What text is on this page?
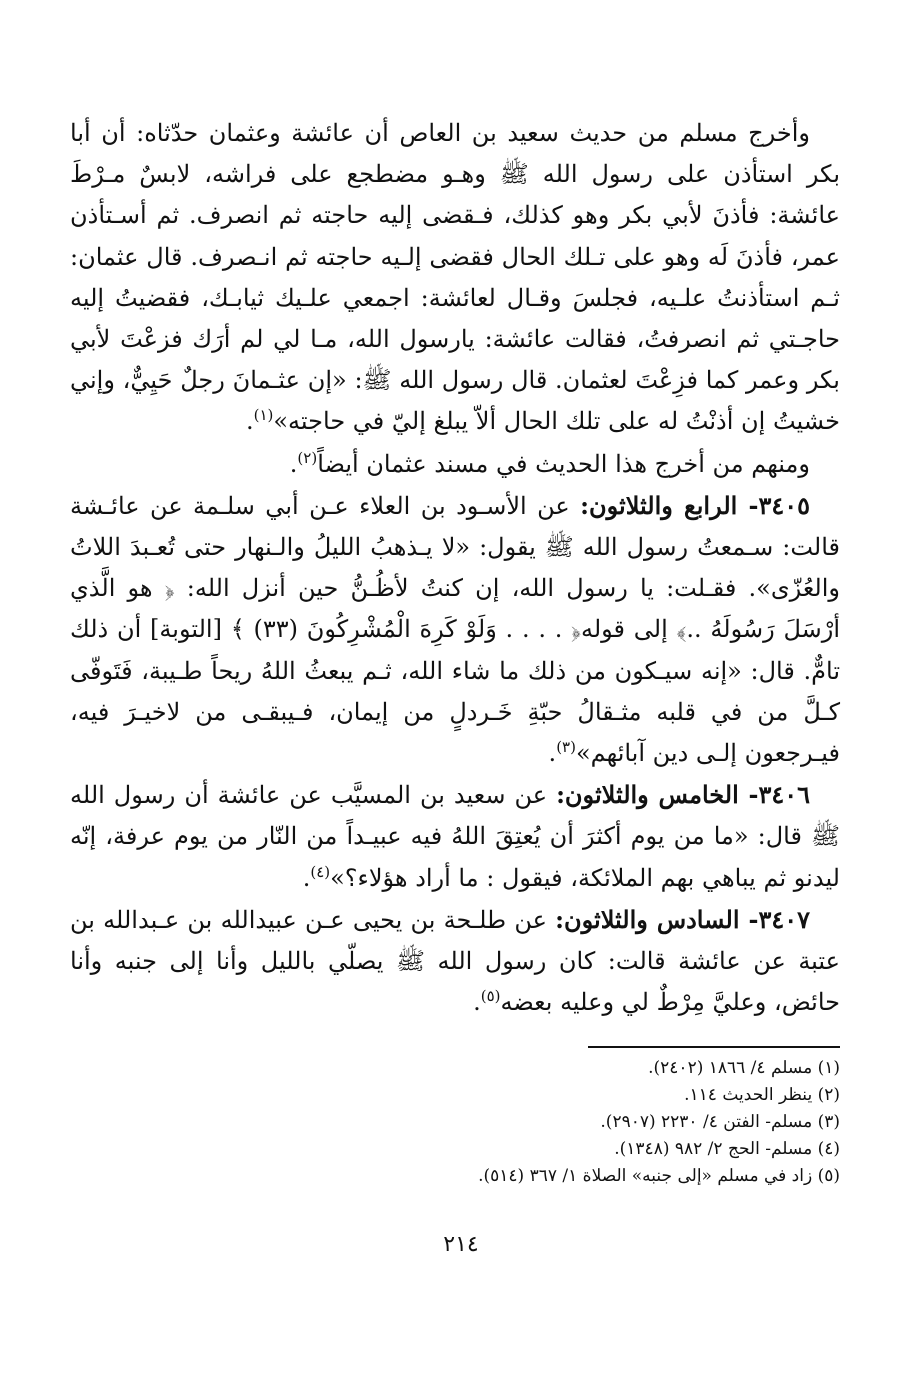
وأخرج مسلم من حديث سعيد بن العاص أن عائشة وعثمان حدّثاه: أن أبا بكر استأذن على رسول الله ﷺ وهـو مضطجع على فراشه، لابسٌ مـرْطَ عائشة: فأذنَ لأبي بكر وهو كذلك، فـقضى إليه حاجته ثم انصرف. ثم أسـتأذن عمر، فأذنَ لَه وهو على تـلك الحال فقضى إلـيه حاجته ثم انـصرف. قال عثمان: ثـم استأذنتُ علـيه، فجلسَ وقـال لعائشة: اجمعي علـيك ثيابـك، فقضيتُ إليه حاجـتي ثم انصرفتُ، فقالت عائشة: يارسول الله، مـا لي لم أرَك فزعْتَ لأبي بكر وعمر كما فزِعْتَ لعثمان. قال رسول الله ﷺ: «إن عثـمانَ رجلٌ حَيِيٌّ، وإني خشيتُ إن أذنْتُ له على تلك الحال ألاّ يبلغ إليّ في حاجته»$^{(١)}$.

ومنهم من أخرج هذا الحديث في مسند عثمان أيضاً$^{(٢)}$.

٣٤٠٥- الرابع والثلاثون: عن الأسـود بن العلاء عـن أبي سلـمة عن عائـشة قالت: سـمعتُ رسول الله ﷺ يقول: «لا يـذهبُ الليلُ والـنهار حتى تُعـبدَ اللاتُ والعُزّى». فقـلت: يا رسول الله، إن كنتُ لأظُـنُّ حين أنزل الله: ﴿ هو الَّذي أرْسَلَ رَسُولَهُ ..﴾ إلى قوله﴿ . . . . وَلَوْ كَرِهَ الْمُشْرِكُونَ (٣٣) ﴾ [التوبة] أن ذلك تامٌّ. قال: «إنه سيـكون من ذلك ما شاء الله، ثـم يبعثُ اللهُ ريحاً طـيبة، فَتَوفّى كـلَّ من في قلبه مثـقالُ حبّةِ خَـردلٍ من إيمان، فـيبقـى من لاخيـرَ فيه، فيـرجعون إلـى دين آبائهم»$^{(٣)}$.

٣٤٠٦- الخامس والثلاثون: عن سعيد بن المسيَّب عن عائشة أن رسول الله ﷺ قال: «ما من يوم أكثرَ أن يُعتِقَ اللهُ فيه عبيـداً من النّار من يوم عرفة، إنّه ليدنو ثم يباهي بهم الملائكة، فيقول : ما أراد هؤلاء؟»$^{(٤)}$.

٣٤٠٧- السادس والثلاثون: عن طلـحة بن يحيى عـن عبيدالله بن عـبدالله بن عتبة عن عائشة قالت: كان رسول الله ﷺ يصلّي بالليل وأنا إلى جنبه وأنا حائض، وعليَّ مِرْطٌ لي وعليه بعضه$^{(٥)}$.

(١) مسلم ٤/ ١٨٦٦ (٢٤٠٢).
(٢) ينظر الحديث ١١٤.
(٣) مسلم- الفتن ٤/ ٢٢٣٠ (٢٩٠٧).
(٤) مسلم- الحج ٢/ ٩٨٢ (١٣٤٨).
(٥) زاد في مسلم «إلى جنبه» الصلاة ١/ ٣٦٧ (٥١٤).
٢١٤
